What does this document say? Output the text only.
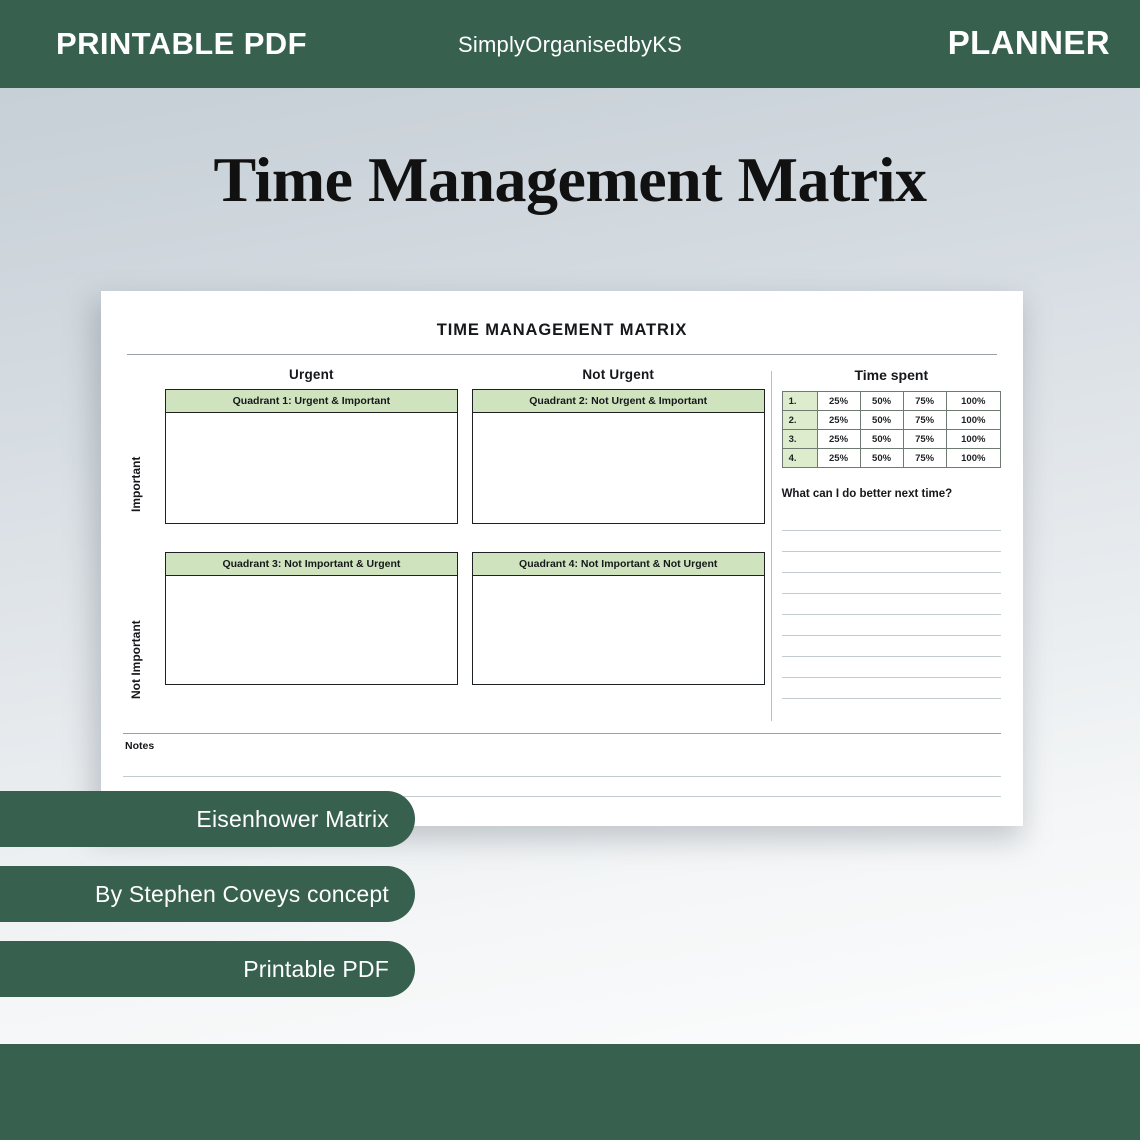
PRINTABLE PDF	SimplyOrganisedbyKS	PLANNER
Time Management Matrix
TIME MANAGEMENT MATRIX
Urgent	Not Urgent
Important
Not Important
Quadrant 1: Urgent & Important	Quadrant 2: Not Urgent & Important
Quadrant 3: Not Important & Urgent	Quadrant 4: Not Important & Not Urgent
Time spent
1.	25%	50%	75%	100%
2.	25%	50%	75%	100%
3.	25%	50%	75%	100%
4.	25%	50%	75%	100%
What can I do better next time?
Notes
Eisenhower Matrix
By Stephen Coveys concept
Printable PDF
